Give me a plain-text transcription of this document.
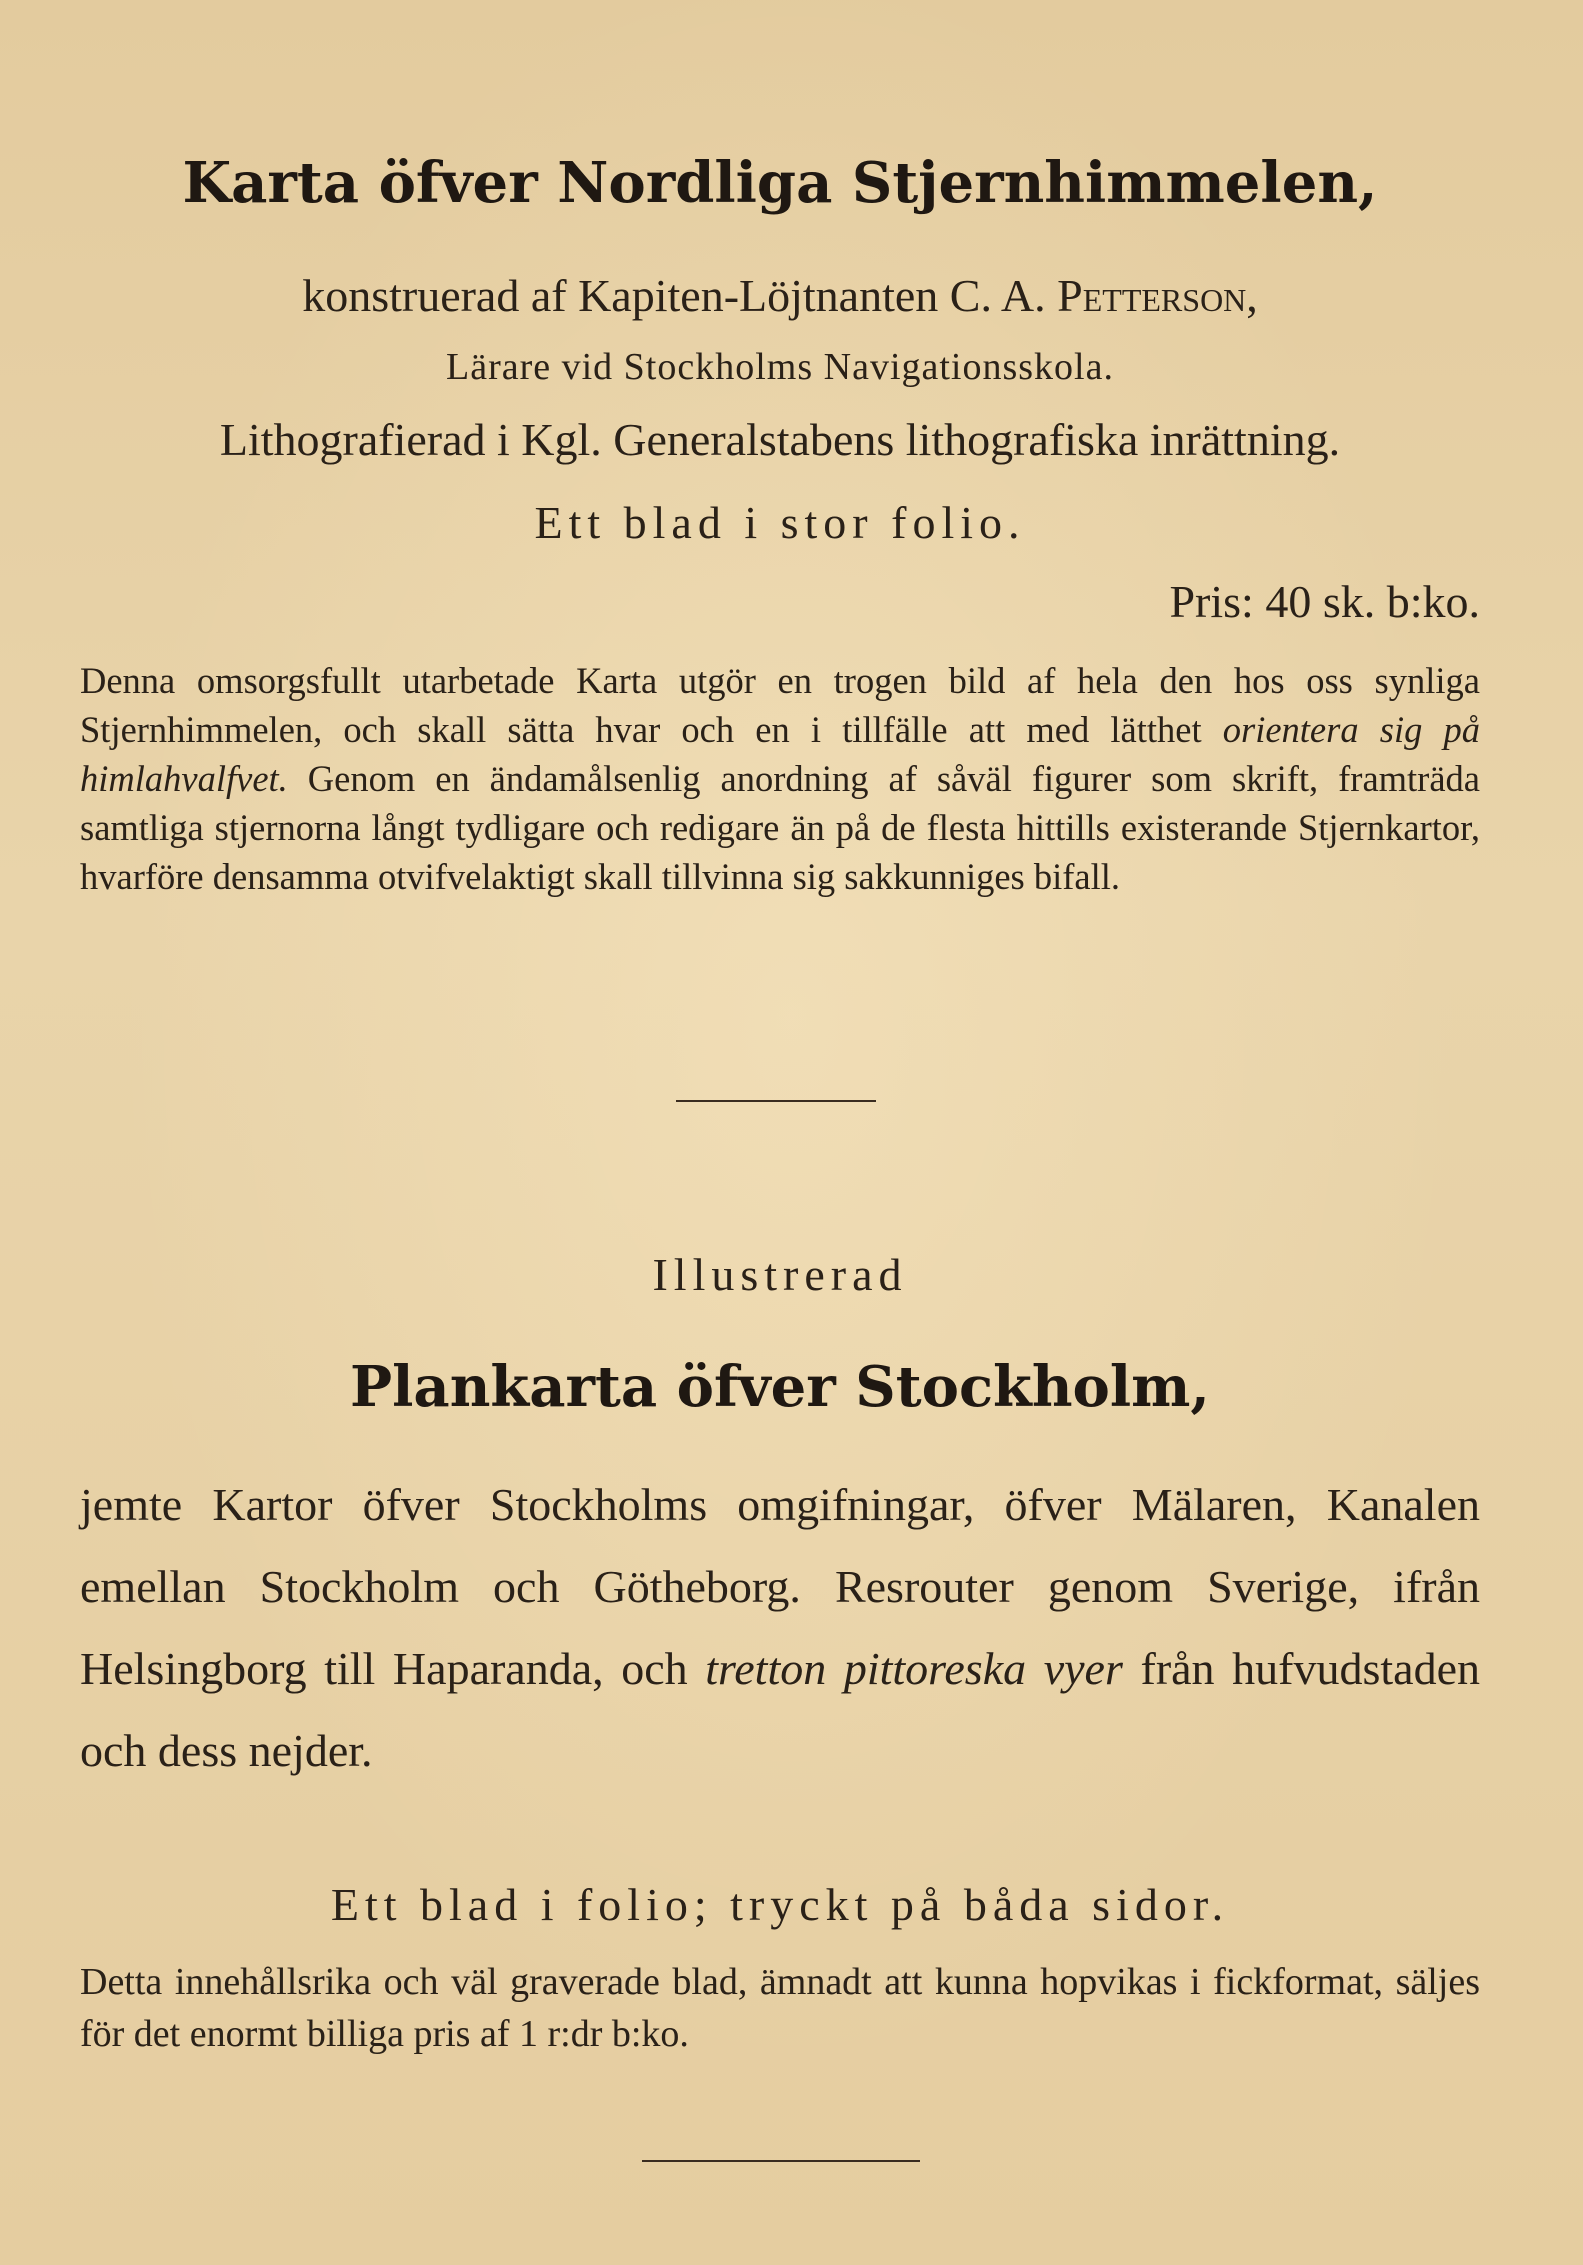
Karta öfver Nordliga Stjernhimmelen,
konstruerad af Kapiten-Löjtnanten C. A. Petterson,
Lärare vid Stockholms Navigationsskola.
Lithografierad i Kgl. Generalstabens lithografiska inrättning.
Ett blad i stor folio.
Pris: 40 sk. b:ko.
Denna omsorgsfullt utarbetade Karta utgör en trogen bild af hela den hos oss synliga Stjernhimmelen, och skall sätta hvar och en i tillfälle att med lätthet orientera sig på himlahvalfvet. Genom en ändamålsenlig anordning af såväl figurer som skrift, framträda samtliga stjernorna långt tydligare och redigare än på de flesta hittills existerande Stjernkartor, hvarföre densamma otvifvelaktigt skall tillvinna sig sakkunniges bifall.
Illustrerad
Plankarta öfver Stockholm,
jemte Kartor öfver Stockholms omgifningar, öfver Mälaren, Kanalen emellan Stockholm och Götheborg. Resrouter genom Sverige, ifrån Helsingborg till Haparanda, och tretton pittoreska vyer från hufvudstaden och dess nejder.
Ett blad i folio; tryckt på båda sidor.
Detta innehållsrika och väl graverade blad, ämnadt att kunna hopvikas i fickformat, säljes för det enormt billiga pris af 1 r:dr b:ko.
